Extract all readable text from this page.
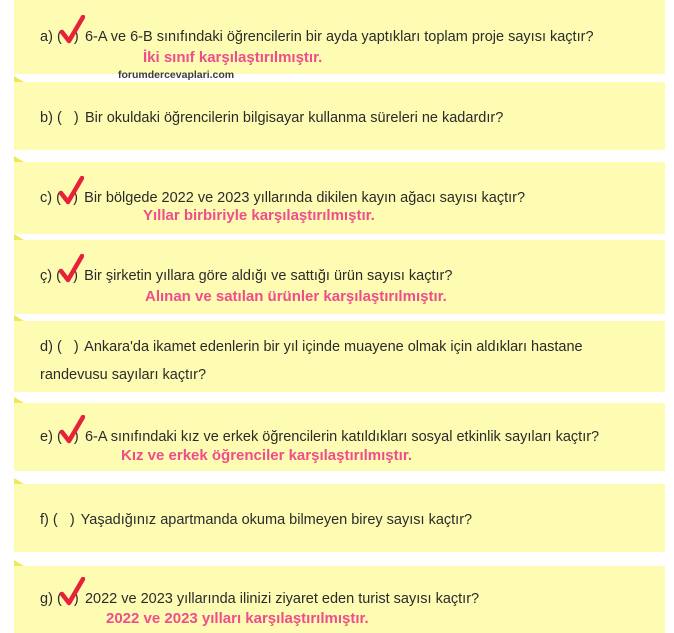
a) ( ) 6-A ve 6-B sınıfındaki öğrencilerin bir ayda yaptıkları toplam proje sayısı kaçtır?
İki sınıf karşılaştırılmıştır.
forumdercevaplari.com
b) ( ) Bir okuldaki öğrencilerin bilgisayar kullanma süreleri ne kadardır?
c) ( ) Bir bölgede 2022 ve 2023 yıllarında dikilen kayın ağacı sayısı kaçtır?
Yıllar birbiriyle karşılaştırılmıştır.
ç) ( ) Bir şirketin yıllara göre aldığı ve sattığı ürün sayısı kaçtır?
Alınan ve satılan ürünler karşılaştırılmıştır.
d) ( ) Ankara'da ikamet edenlerin bir yıl içinde muayene olmak için aldıkları hastane randevusu sayıları kaçtır?
e) ( ) 6-A sınıfındaki kız ve erkek öğrencilerin katıldıkları sosyal etkinlik sayıları kaçtır?
Kız ve erkek öğrenciler karşılaştırılmıştır.
f) ( ) Yaşadığınız apartmanda okuma bilmeyen birey sayısı kaçtır?
g) ( ) 2022 ve 2023 yıllarında ilinizi ziyaret eden turist sayısı kaçtır?
2022 ve 2023 yılları karşılaştırılmıştır.
